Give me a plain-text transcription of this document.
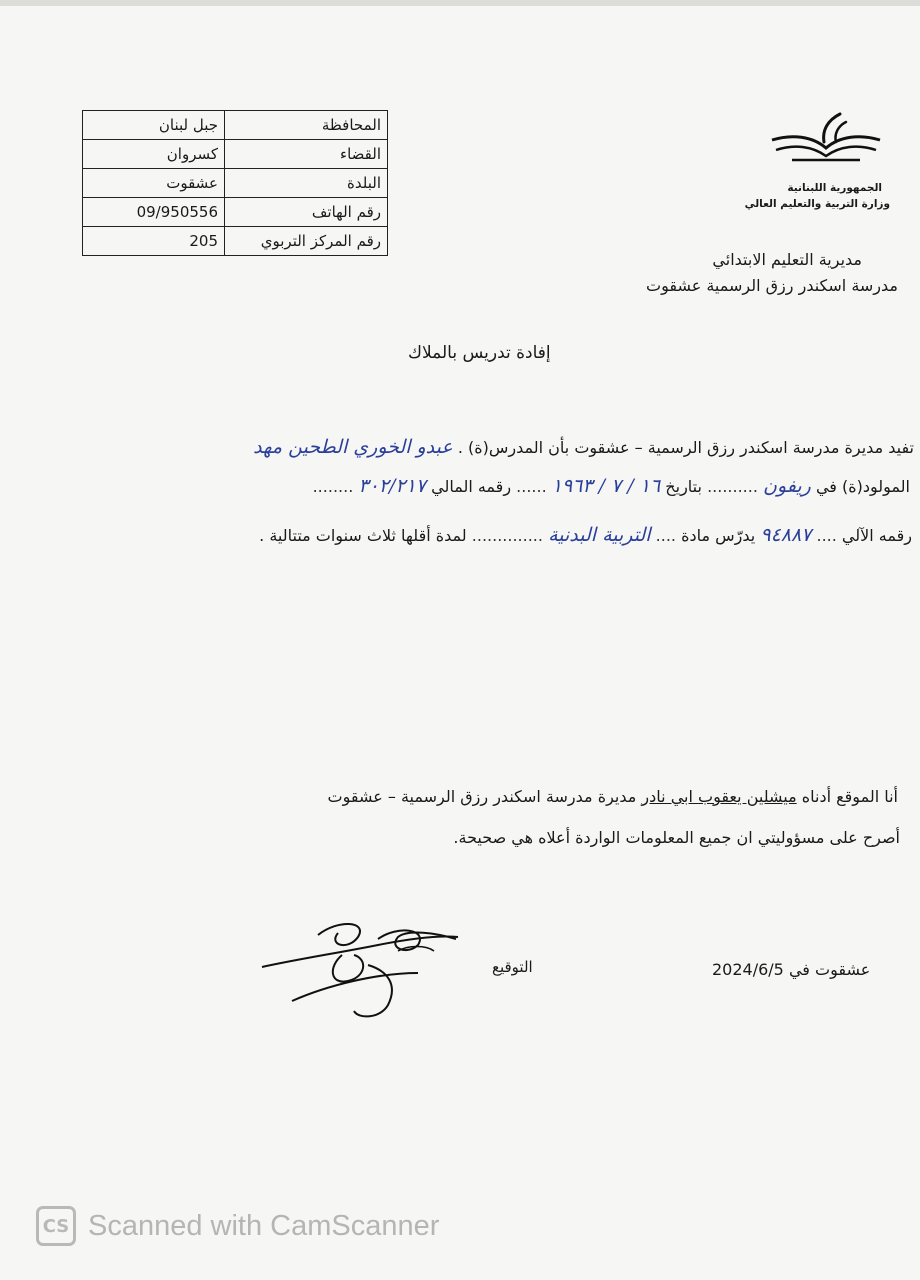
المحافظة	جبل لبنان
القضاء	كسروان
البلدة	عشقوت
رقم الهاتف	09/950556
رقم المركز التربوي	205
الجمهورية اللبنانية
وزارة التربية والتعليم العالي
مديرية التعليم الابتدائي
مدرسة اسكندر رزق الرسمية عشقوت
إفادة تدريس بالملاك
تفيد مديرة مدرسة اسكندر رزق الرسمية – عشقوت بأن المدرس(ة) . عبدو الخوري الطحين مهد
المولود(ة) في ريفون .......... بتاريخ ١٦ / ٧ / ١٩٦٣ ...... رقمه المالي ٣٠٢/٢١٧ ........
رقمه الآلي .... ٩٤٨٨٧ يدرّس مادة .... التربية البدنية .............. لمدة أقلها ثلاث سنوات متتالية .
أنا الموقع أدناه ميشلين يعقوب ابي نادر مديرة مدرسة اسكندر رزق الرسمية – عشقوت
أصرح على مسؤوليتي ان جميع المعلومات الواردة أعلاه هي صحيحة.
التوقيع	عشقوت في 2024/6/5
CS Scanned with CamScanner
